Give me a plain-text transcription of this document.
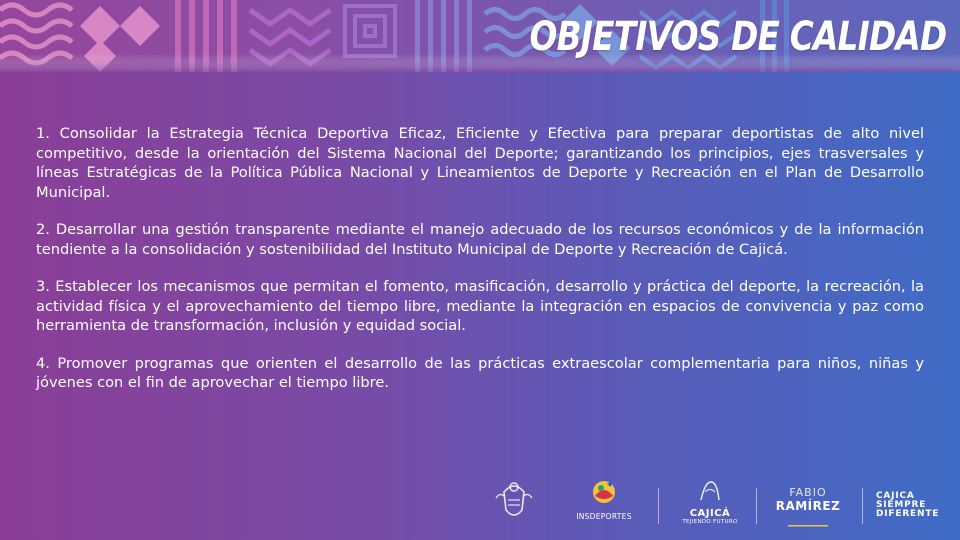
OBJETIVOS DE CALIDAD

1. Consolidar la Estrategia Técnica Deportiva Eficaz, Eficiente y Efectiva para preparar deportistas de alto nivel competitivo, desde la orientación del Sistema Nacional del Deporte; garantizando los principios, ejes trasversales y líneas Estratégicas de la Política Pública Nacional y Lineamientos de Deporte y Recreación en el Plan de Desarrollo Municipal.

2. Desarrollar una gestión transparente mediante el manejo adecuado de los recursos económicos y de la información tendiente a la consolidación y sostenibilidad del Instituto Municipal de Deporte y Recreación de Cajicá.

3. Establecer los mecanismos que permitan el fomento, masificación, desarrollo y práctica del deporte, la recreación, la actividad física y el aprovechamiento del tiempo libre, mediante la integración en espacios de convivencia y paz como herramienta de transformación, inclusión y equidad social.

4. Promover programas que orienten el desarrollo de las prácticas extraescolar complementaria para niños, niñas y jóvenes con el fin de aprovechar el tiempo libre.

INSDEPORTES	CAJICÁ
TEJIENDO FUTURO
FABIO
RAMÍREZ
CAJICA
SIEMPRE
DIFERENTE
